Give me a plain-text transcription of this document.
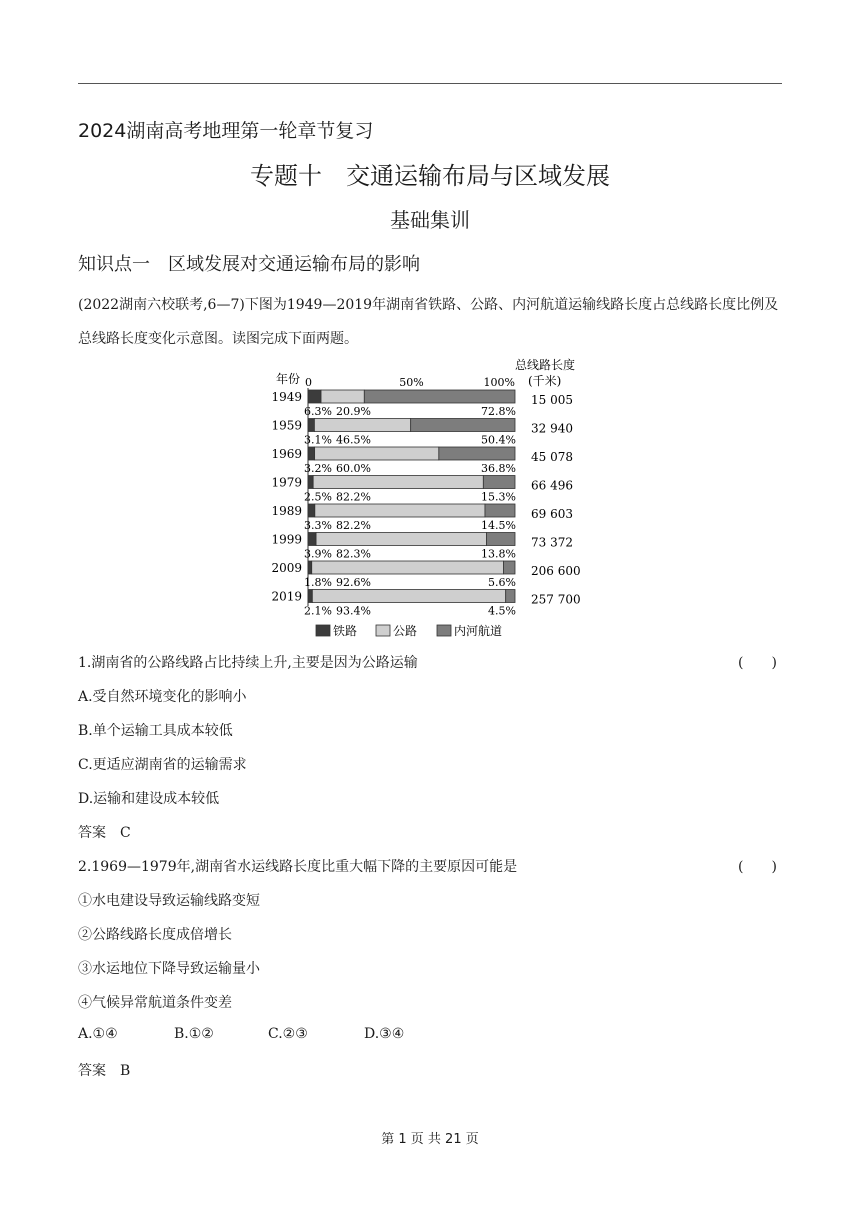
2024湖南高考地理第一轮章节复习
专题十　交通运输布局与区域发展
基础集训
知识点一　区域发展对交通运输布局的影响
(2022湖南六校联考,6—7)下图为1949—2019年湖南省铁路、公路、内河航道运输线路长度占总线路长度比例及总线路长度变化示意图。读图完成下面两题。
年份 0	50%	100%
总线路长度
(千米)
1949
6.3% 20.9%	72.8%
15 005
1959
3.1% 46.5%	50.4%
32 940
1969
3.2% 60.0%	36.8%
45 078
1979
2.5% 82.2%	15.3%
66 496
1989
3.3% 82.2%	14.5%
69 603
1999
3.9% 82.3%	13.8%
73 372
2009
1.8% 92.6%	5.6%
206 600
2019
2.1% 93.4%	4.5%
257 700
铁路	公路	内河航道
1.湖南省的公路线路占比持续上升,主要是因为公路运输	(　　)
A.受自然环境变化的影响小
B.单个运输工具成本较低
C.更适应湖南省的运输需求
D.运输和建设成本较低
答案　C
2.1969—1979年,湖南省水运线路长度比重大幅下降的主要原因可能是	(　　)
①水电建设导致运输线路变短
②公路线路长度成倍增长
③水运地位下降导致运输量小
④气候异常航道条件变差
A.①④	B.①②	C.②③	D.③④
答案　B
第 1 页 共 21 页
